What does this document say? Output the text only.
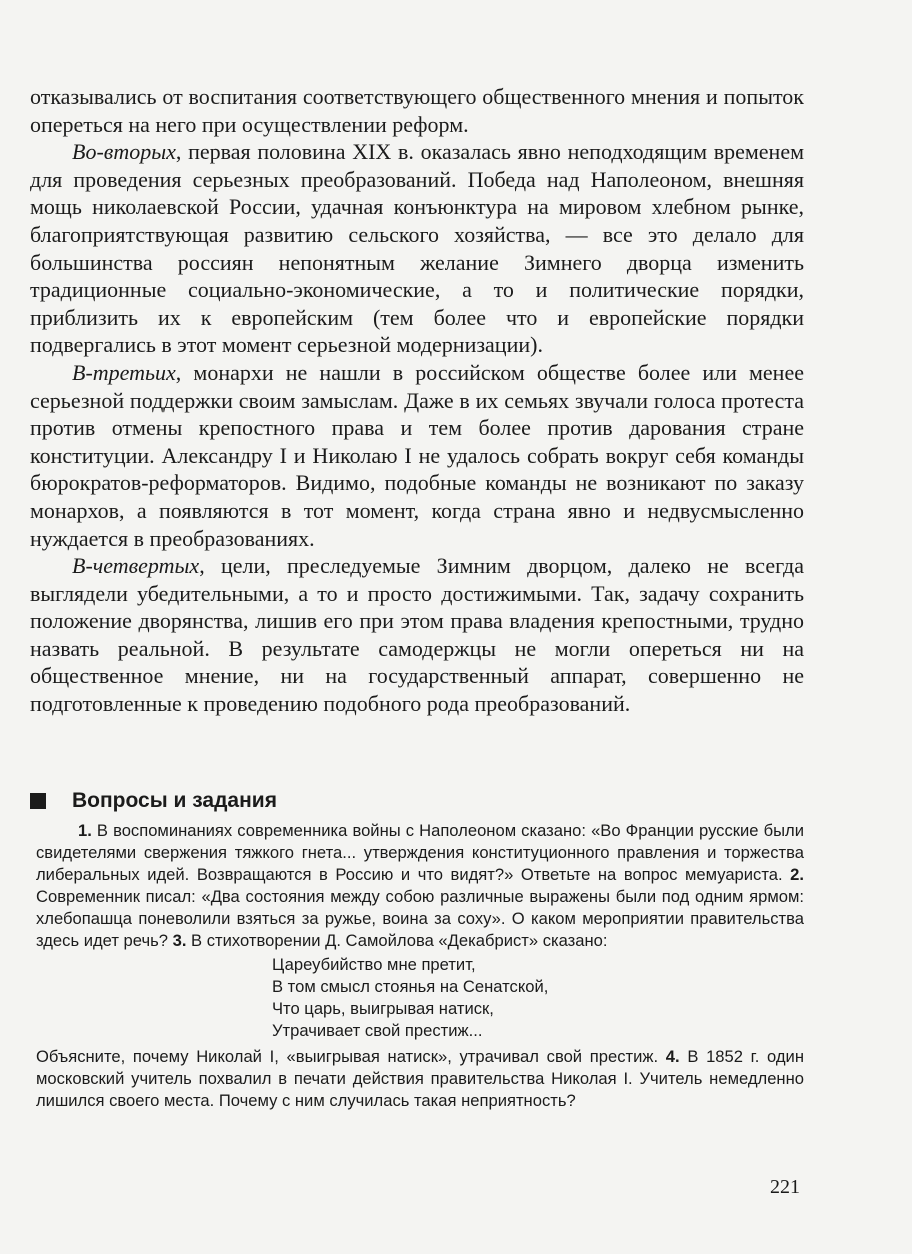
отказывались от воспитания соответствующего общественного мнения и попыток опереться на него при осуществлении реформ.

Во-вторых, первая половина XIX в. оказалась явно неподходящим временем для проведения серьезных преобразований. Победа над Наполеоном, внешняя мощь николаевской России, удачная конъюнктура на мировом хлебном рынке, благоприятствующая развитию сельского хозяйства, — все это делало для большинства россиян непонятным желание Зимнего дворца изменить традиционные социально-экономические, а то и политические порядки, приблизить их к европейским (тем более что и европейские порядки подвергались в этот момент серьезной модернизации).

В-третьих, монархи не нашли в российском обществе более или менее серьезной поддержки своим замыслам. Даже в их семьях звучали голоса протеста против отмены крепостного права и тем более против дарования стране конституции. Александру I и Николаю I не удалось собрать вокруг себя команды бюрократов-реформаторов. Видимо, подобные команды не возникают по заказу монархов, а появляются в тот момент, когда страна явно и недвусмысленно нуждается в преобразованиях.

В-четвертых, цели, преследуемые Зимним дворцом, далеко не всегда выглядели убедительными, а то и просто достижимыми. Так, задачу сохранить положение дворянства, лишив его при этом права владения крепостными, трудно назвать реальной. В результате самодержцы не могли опереться ни на общественное мнение, ни на государственный аппарат, совершенно не подготовленные к проведению подобного рода преобразований.

Вопросы и задания

1. В воспоминаниях современника войны с Наполеоном сказано: «Во Франции русские были свидетелями свержения тяжкого гнета... утверждения конституционного правления и торжества либеральных идей. Возвращаются в Россию и что видят?» Ответьте на вопрос мемуариста. 2. Современник писал: «Два состояния между собою различные выражены были под одним ярмом: хлебопашца поневолили взяться за ружье, воина за соху». О каком мероприятии правительства здесь идет речь? 3. В стихотворении Д. Самойлова «Декабрист» сказано:

Цареубийство мне претит,
В том смысл стоянья на Сенатской,
Что царь, выигрывая натиск,
Утрачивает свой престиж...

Объясните, почему Николай I, «выигрывая натиск», утрачивал свой престиж. 4. В 1852 г. один московский учитель похвалил в печати действия правительства Николая I. Учитель немедленно лишился своего места. Почему с ним случилась такая неприятность?

221
